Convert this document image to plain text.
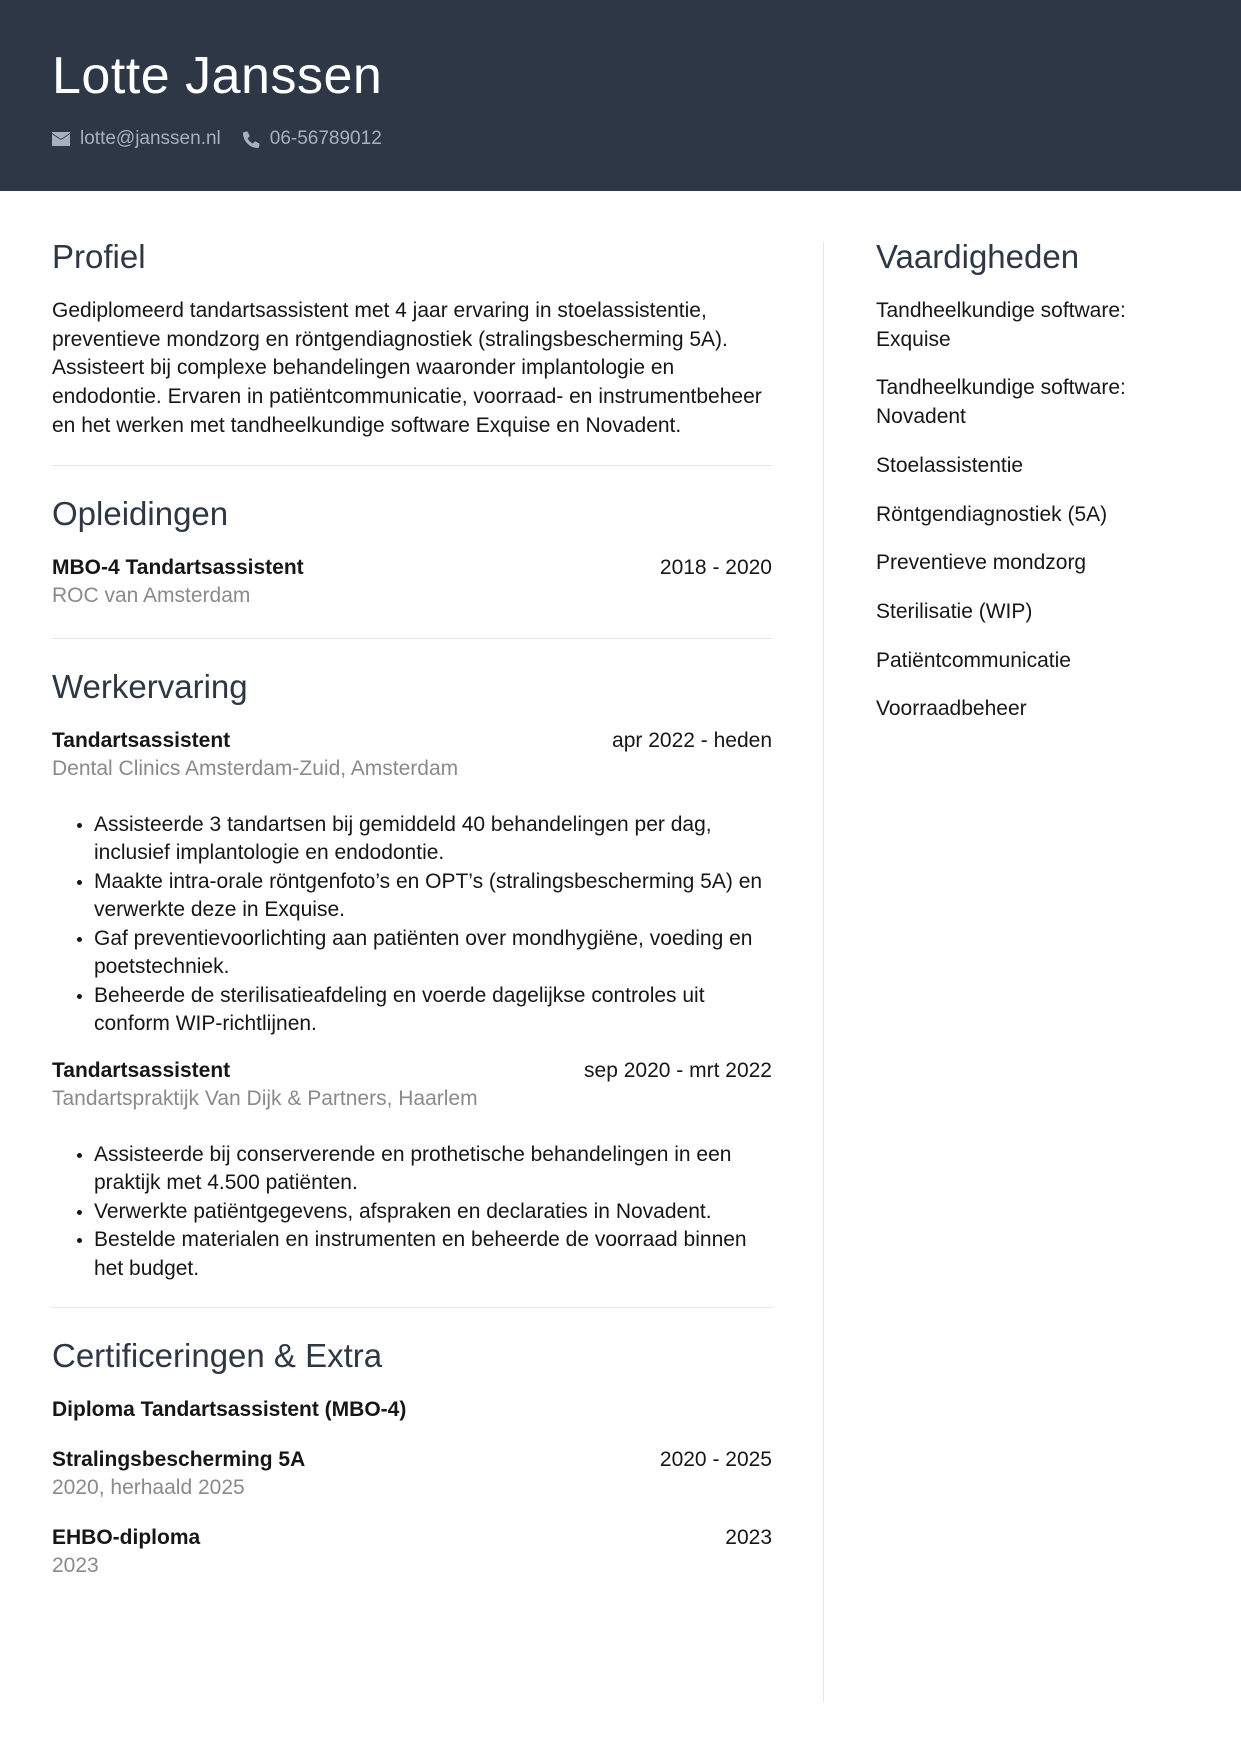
Lotte Janssen
lotte@janssen.nl	06-56789012
Profiel

Gediplomeerd tandartsassistent met 4 jaar ervaring in stoelassistentie, preventieve mondzorg en röntgendiagnostiek (stralingsbescherming 5A). Assisteert bij complexe behandelingen waaronder implantologie en endodontie. Ervaren in patiëntcommunicatie, voorraad- en instrumentbeheer en het werken met tandheelkundige software Exquise en Novadent.

Opleidingen
MBO-4 Tandartsassistent	2018 - 2020
ROC van Amsterdam
Werkervaring
Tandartsassistent	apr 2022 - heden
Dental Clinics Amsterdam-Zuid, Amsterdam
• Assisteerde 3 tandartsen bij gemiddeld 40 behandelingen per dag, inclusief implantologie en endodontie.
• Maakte intra-orale röntgenfoto’s en OPT’s (stralingsbescherming 5A) en verwerkte deze in Exquise.
• Gaf preventievoorlichting aan patiënten over mondhygiëne, voeding en poetstechniek.
• Beheerde de sterilisatieafdeling en voerde dagelijkse controles uit conform WIP-richtlijnen.
Tandartsassistent	sep 2020 - mrt 2022
Tandartspraktijk Van Dijk & Partners, Haarlem
• Assisteerde bij conserverende en prothetische behandelingen in een praktijk met 4.500 patiënten.
• Verwerkte patiëntgegevens, afspraken en declaraties in Novadent.
• Bestelde materialen en instrumenten en beheerde de voorraad binnen het budget.
Certificeringen & Extra
Diploma Tandartsassistent (MBO-4)
Stralingsbescherming 5A	2020 - 2025
2020, herhaald 2025
EHBO-diploma	2023
2023
Vaardigheden
Tandheelkundige software: Exquise
Tandheelkundige software: Novadent
Stoelassistentie
Röntgendiagnostiek (5A)
Preventieve mondzorg
Sterilisatie (WIP)
Patiëntcommunicatie
Voorraadbeheer
